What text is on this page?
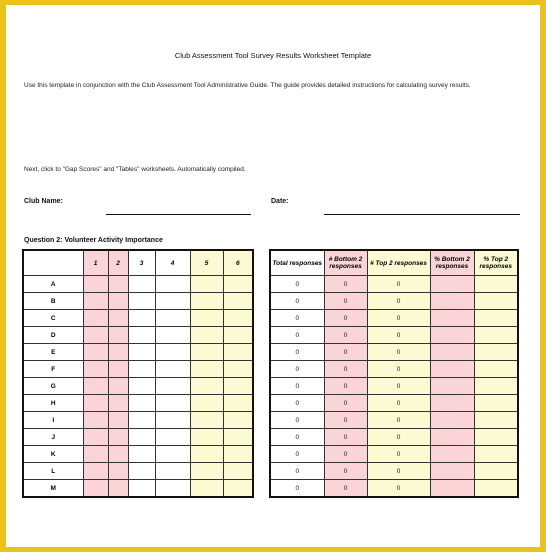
Club Assessment Tool Survey Results Worksheet Template
Use this template in conjunction with the Club Assessment Tool Administrative Guide. The guide provides detailed instructions for calculating survey results.
Next, click to "Gap Scores" and "Tables" worksheets. Automatically compiled.
Club Name:	Date:
Question 2: Volunteer Activity Importance
	1	2	3	4	5	6
A						
B						
C						
D						
E						
F						
G						
H						
I						
J						
K						
L						
M						
Total responses	# Bottom 2 responses	# Top 2 responses	% Bottom 2 responses	% Top 2 responses
0	0	0		
0	0	0		
0	0	0		
0	0	0		
0	0	0		
0	0	0		
0	0	0		
0	0	0		
0	0	0		
0	0	0		
0	0	0		
0	0	0		
0	0	0		
